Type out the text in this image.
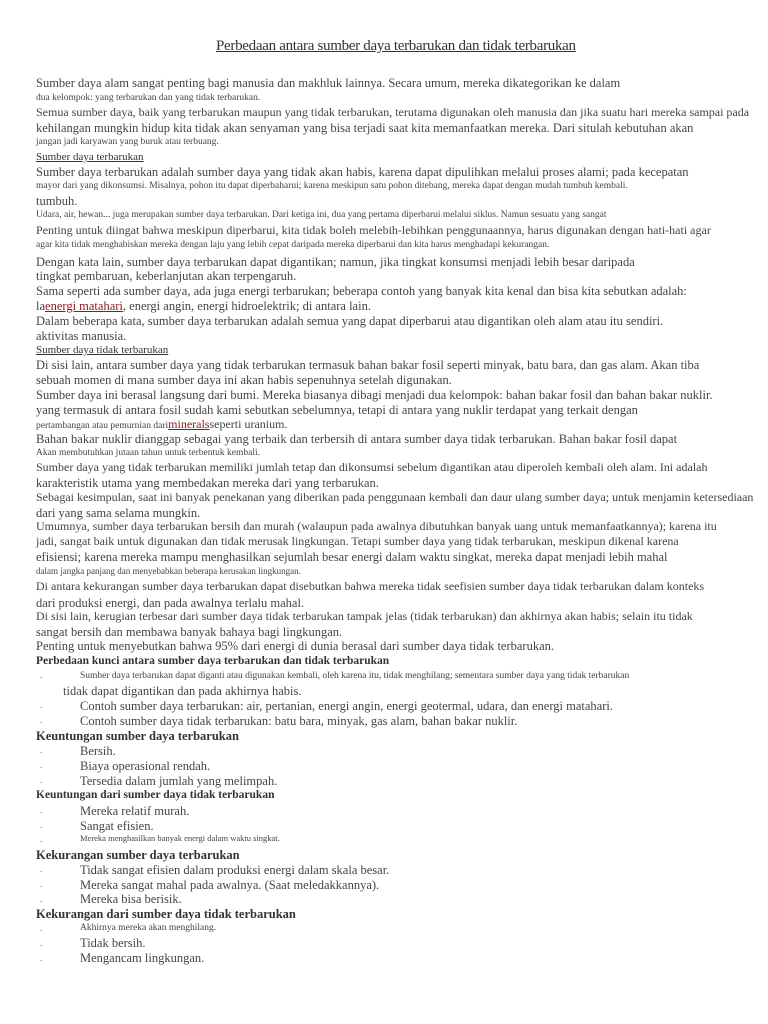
Perbedaan antara sumber daya terbarukan dan tidak terbarukan
Sumber daya alam sangat penting bagi manusia dan makhluk lainnya. Secara umum, mereka dikategorikan ke dalam
dua kelompok: yang terbarukan dan yang tidak terbarukan.
Semua sumber daya, baik yang terbarukan maupun yang tidak terbarukan, terutama digunakan oleh manusia dan jika suatu hari mereka sampai pada
kehilangan mungkin hidup kita tidak akan senyaman yang bisa terjadi saat kita memanfaatkan mereka. Dari situlah kebutuhan akan
jangan jadi karyawan yang buruk atau terbuang.
Sumber daya terbarukan
Sumber daya terbarukan adalah sumber daya yang tidak akan habis, karena dapat dipulihkan melalui proses alami; pada kecepatan
mayor dari yang dikonsumsi. Misalnya, pohon itu dapat diperbaharui; karena meskipun satu pohon ditebang, mereka dapat dengan mudah tumbuh kembali.
tumbuh.
Udara, air, hewan... juga merupakan sumber daya terbarukan. Dari ketiga ini, dua yang pertama diperbarui melalui siklus. Namun sesuatu yang sangat
Penting untuk diingat bahwa meskipun diperbarui, kita tidak boleh melebih-lebihkan penggunaannya, harus digunakan dengan hati-hati agar
agar kita tidak menghabiskan mereka dengan laju yang lebih cepat daripada mereka diperbarui dan kita harus menghadapi kekurangan.
Dengan kata lain, sumber daya terbarukan dapat digantikan; namun, jika tingkat konsumsi menjadi lebih besar daripada
tingkat pembaruan, keberlanjutan akan terpengaruh.
Sama seperti ada sumber daya, ada juga energi terbarukan; beberapa contoh yang banyak kita kenal dan bisa kita sebutkan adalah:
laenergi matahari, energi angin, energi hidroelektrik; di antara lain.
Dalam beberapa kata, sumber daya terbarukan adalah semua yang dapat diperbarui atau digantikan oleh alam atau itu sendiri.
aktivitas manusia.
Sumber daya tidak terbarukan
Di sisi lain, antara sumber daya yang tidak terbarukan termasuk bahan bakar fosil seperti minyak, batu bara, dan gas alam. Akan tiba
sebuah momen di mana sumber daya ini akan habis sepenuhnya setelah digunakan.
Sumber daya ini berasal langsung dari bumi. Mereka biasanya dibagi menjadi dua kelompok: bahan bakar fosil dan bahan bakar nuklir.
yang termasuk di antara fosil sudah kami sebutkan sebelumnya, tetapi di antara yang nuklir terdapat yang terkait dengan
pertambangan atau pemurnian darimineralsseperti uranium.
Bahan bakar nuklir dianggap sebagai yang terbaik dan terbersih di antara sumber daya tidak terbarukan. Bahan bakar fosil dapat
Akan membutuhkan jutaan tahun untuk terbentuk kembali.
Sumber daya yang tidak terbarukan memiliki jumlah tetap dan dikonsumsi sebelum digantikan atau diperoleh kembali oleh alam. Ini adalah
karakteristik utama yang membedakan mereka dari yang terbarukan.
Sebagai kesimpulan, saat ini banyak penekanan yang diberikan pada penggunaan kembali dan daur ulang sumber daya; untuk menjamin ketersediaan
dari yang sama selama mungkin.
Umumnya, sumber daya terbarukan bersih dan murah (walaupun pada awalnya dibutuhkan banyak uang untuk memanfaatkannya); karena itu
jadi, sangat baik untuk digunakan dan tidak merusak lingkungan. Tetapi sumber daya yang tidak terbarukan, meskipun dikenal karena
efisiensi; karena mereka mampu menghasilkan sejumlah besar energi dalam waktu singkat, mereka dapat menjadi lebih mahal
dalam jangka panjang dan menyebabkan beberapa kerusakan lingkungan.
Di antara kekurangan sumber daya terbarukan dapat disebutkan bahwa mereka tidak seefisien sumber daya tidak terbarukan dalam konteks
dari produksi energi, dan pada awalnya terlalu mahal.
Di sisi lain, kerugian terbesar dari sumber daya tidak terbarukan tampak jelas (tidak terbarukan) dan akhirnya akan habis; selain itu tidak
sangat bersih dan membawa banyak bahaya bagi lingkungan.
Penting untuk menyebutkan bahwa 95% dari energi di dunia berasal dari sumber daya tidak terbarukan.
Perbedaan kunci antara sumber daya terbarukan dan tidak terbarukan
.	Sumber daya terbarukan dapat diganti atau digunakan kembali, oleh karena itu, tidak menghilang; sementara sumber daya yang tidak terbarukan
tidak dapat digantikan dan pada akhirnya habis.
.	Contoh sumber daya terbarukan: air, pertanian, energi angin, energi geotermal, udara, dan energi matahari.
.	Contoh sumber daya tidak terbarukan: batu bara, minyak, gas alam, bahan bakar nuklir.
Keuntungan sumber daya terbarukan
.	Bersih.
.	Biaya operasional rendah.
.	Tersedia dalam jumlah yang melimpah.
Keuntungan dari sumber daya tidak terbarukan
.	Mereka relatif murah.
.	Sangat efisien.
.	Mereka menghasilkan banyak energi dalam waktu singkat.
Kekurangan sumber daya terbarukan
.	Tidak sangat efisien dalam produksi energi dalam skala besar.
.	Mereka sangat mahal pada awalnya. (Saat meledakkannya).
.	Mereka bisa berisik.
Kekurangan dari sumber daya tidak terbarukan
.	Akhirnya mereka akan menghilang.
.	Tidak bersih.
.	Mengancam lingkungan.
